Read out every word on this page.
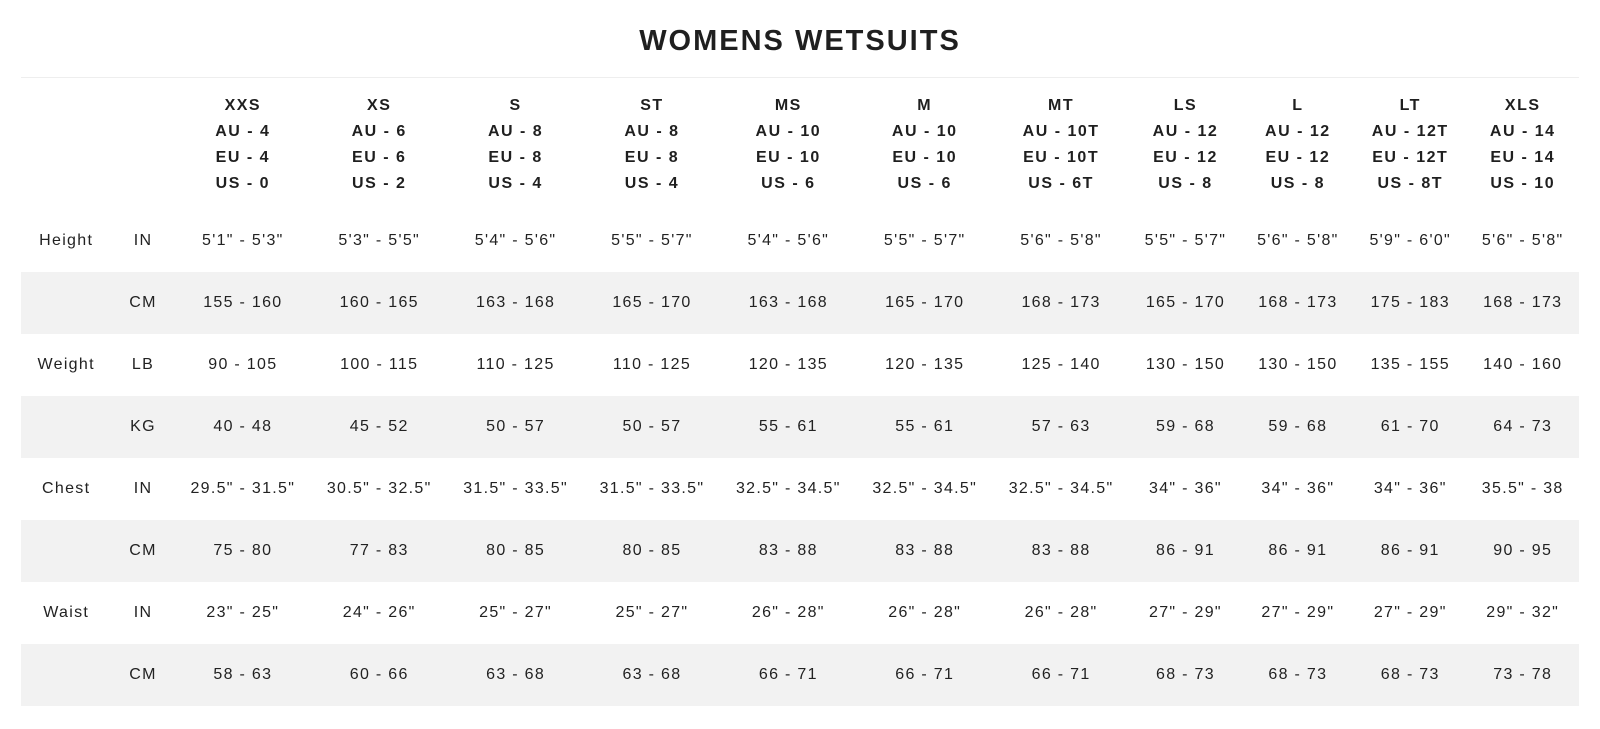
WOMENS WETSUITS

		XXS
AU - 4
EU - 4
US - 0	XS
AU - 6
EU - 6
US - 2	S
AU - 8
EU - 8
US - 4	ST
AU - 8
EU - 8
US - 4	MS
AU - 10
EU - 10
US - 6	M
AU - 10
EU - 10
US - 6	MT
AU - 10T
EU - 10T
US - 6T	LS
AU - 12
EU - 12
US - 8	L
AU - 12
EU - 12
US - 8	LT
AU - 12T
EU - 12T
US - 8T	XLS
AU - 14
EU - 14
US - 10

Height	IN	5'1" - 5'3"	5'3" - 5'5"	5'4" - 5'6"	5'5" - 5'7"	5'4" - 5'6"	5'5" - 5'7"	5'6" - 5'8"	5'5" - 5'7"	5'6" - 5'8"	5'9" - 6'0"	5'6" - 5'8"
	CM	155 - 160	160 - 165	163 - 168	165 - 170	163 - 168	165 - 170	168 - 173	165 - 170	168 - 173	175 - 183	168 - 173
Weight	LB	90 - 105	100 - 115	110 - 125	110 - 125	120 - 135	120 - 135	125 - 140	130 - 150	130 - 150	135 - 155	140 - 160
	KG	40 - 48	45 - 52	50 - 57	50 - 57	55 - 61	55 - 61	57 - 63	59 - 68	59 - 68	61 - 70	64 - 73
Chest	IN	29.5" - 31.5"	30.5" - 32.5"	31.5" - 33.5"	31.5" - 33.5"	32.5" - 34.5"	32.5" - 34.5"	32.5" - 34.5"	34" - 36"	34" - 36"	34" - 36"	35.5" - 38
	CM	75 - 80	77 - 83	80 - 85	80 - 85	83 - 88	83 - 88	83 - 88	86 - 91	86 - 91	86 - 91	90 - 95
Waist	IN	23" - 25"	24" - 26"	25" - 27"	25" - 27"	26" - 28"	26" - 28"	26" - 28"	27" - 29"	27" - 29"	27" - 29"	29" - 32"
	CM	58 - 63	60 - 66	63 - 68	63 - 68	66 - 71	66 - 71	66 - 71	68 - 73	68 - 73	68 - 73	73 - 78
